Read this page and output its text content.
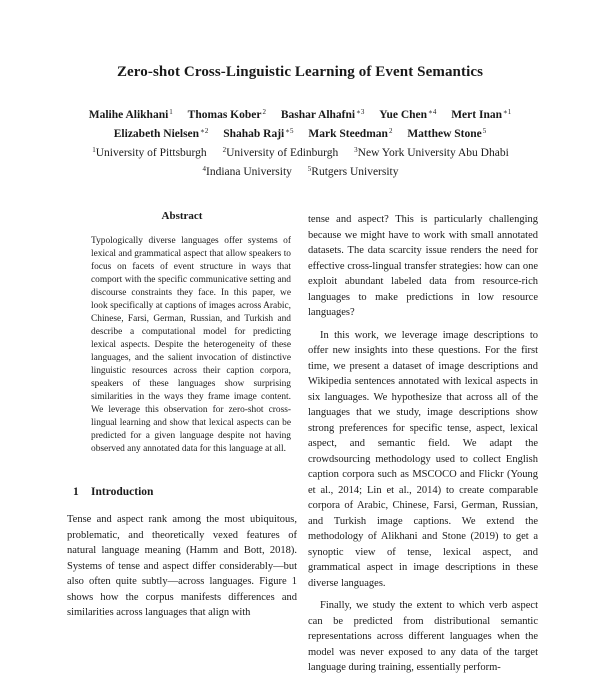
Zero-shot Cross-Linguistic Learning of Event Semantics
Malihe Alikhani$^1$ Thomas Kober$^2$ Bashar Alhafni$^{∗3}$ Yue Chen$^{∗4}$ Mert Inan$^{∗1}$
Elizabeth Nielsen$^{∗2}$ Shahab Raji$^{∗5}$ Mark Steedman$^2$ Matthew Stone$^5$
$^1$University of Pittsburgh $^2$University of Edinburgh $^3$New York University Abu Dhabi
$^4$Indiana University $^5$Rutgers University
Abstract

Typologically diverse languages offer systems of lexical and grammatical aspect that allow speakers to focus on facets of event structure in ways that comport with the specific communicative setting and discourse constraints they face. In this paper, we look specifically at captions of images across Arabic, Chinese, Farsi, German, Russian, and Turkish and describe a computational model for predicting lexical aspects. Despite the heterogeneity of these languages, and the salient invocation of distinctive linguistic resources across their caption corpora, speakers of these languages show surprising similarities in the ways they frame image content. We leverage this observation for zero-shot cross-lingual learning and show that lexical aspects can be predicted for a given language despite not having observed any annotated data for this language at all.

1 Introduction

Tense and aspect rank among the most ubiquitous, problematic, and theoretically vexed features of natural language meaning (Hamm and Bott, 2018). Systems of tense and aspect differ considerably—but also often quite subtly—across languages. Figure 1 shows how the corpus manifests differences and similarities across languages that align with

tense and aspect? This is particularly challenging because we might have to work with small annotated datasets. The data scarcity issue renders the need for effective cross-lingual transfer strategies: how can one exploit abundant labeled data from resource-rich languages to make predictions in low resource languages?

In this work, we leverage image descriptions to offer new insights into these questions. For the first time, we present a dataset of image descriptions and Wikipedia sentences annotated with lexical aspects in six languages. We hypothesize that across all of the languages that we study, image descriptions show strong preferences for specific tense, aspect, lexical aspect, and semantic field. We adapt the crowdsourcing methodology used to collect English caption corpora such as MSCOCO and Flickr (Young et al., 2014; Lin et al., 2014) to create comparable corpora of Arabic, Chinese, Farsi, German, Russian, and Turkish image captions. We extend the methodology of Alikhani and Stone (2019) to get a synoptic view of tense, lexical aspect, and grammatical aspect in image descriptions in these diverse languages.

Finally, we study the extent to which verb aspect can be predicted from distributional semantic representations across different languages when the model was never exposed to any data of the target language during training, essentially perform-
